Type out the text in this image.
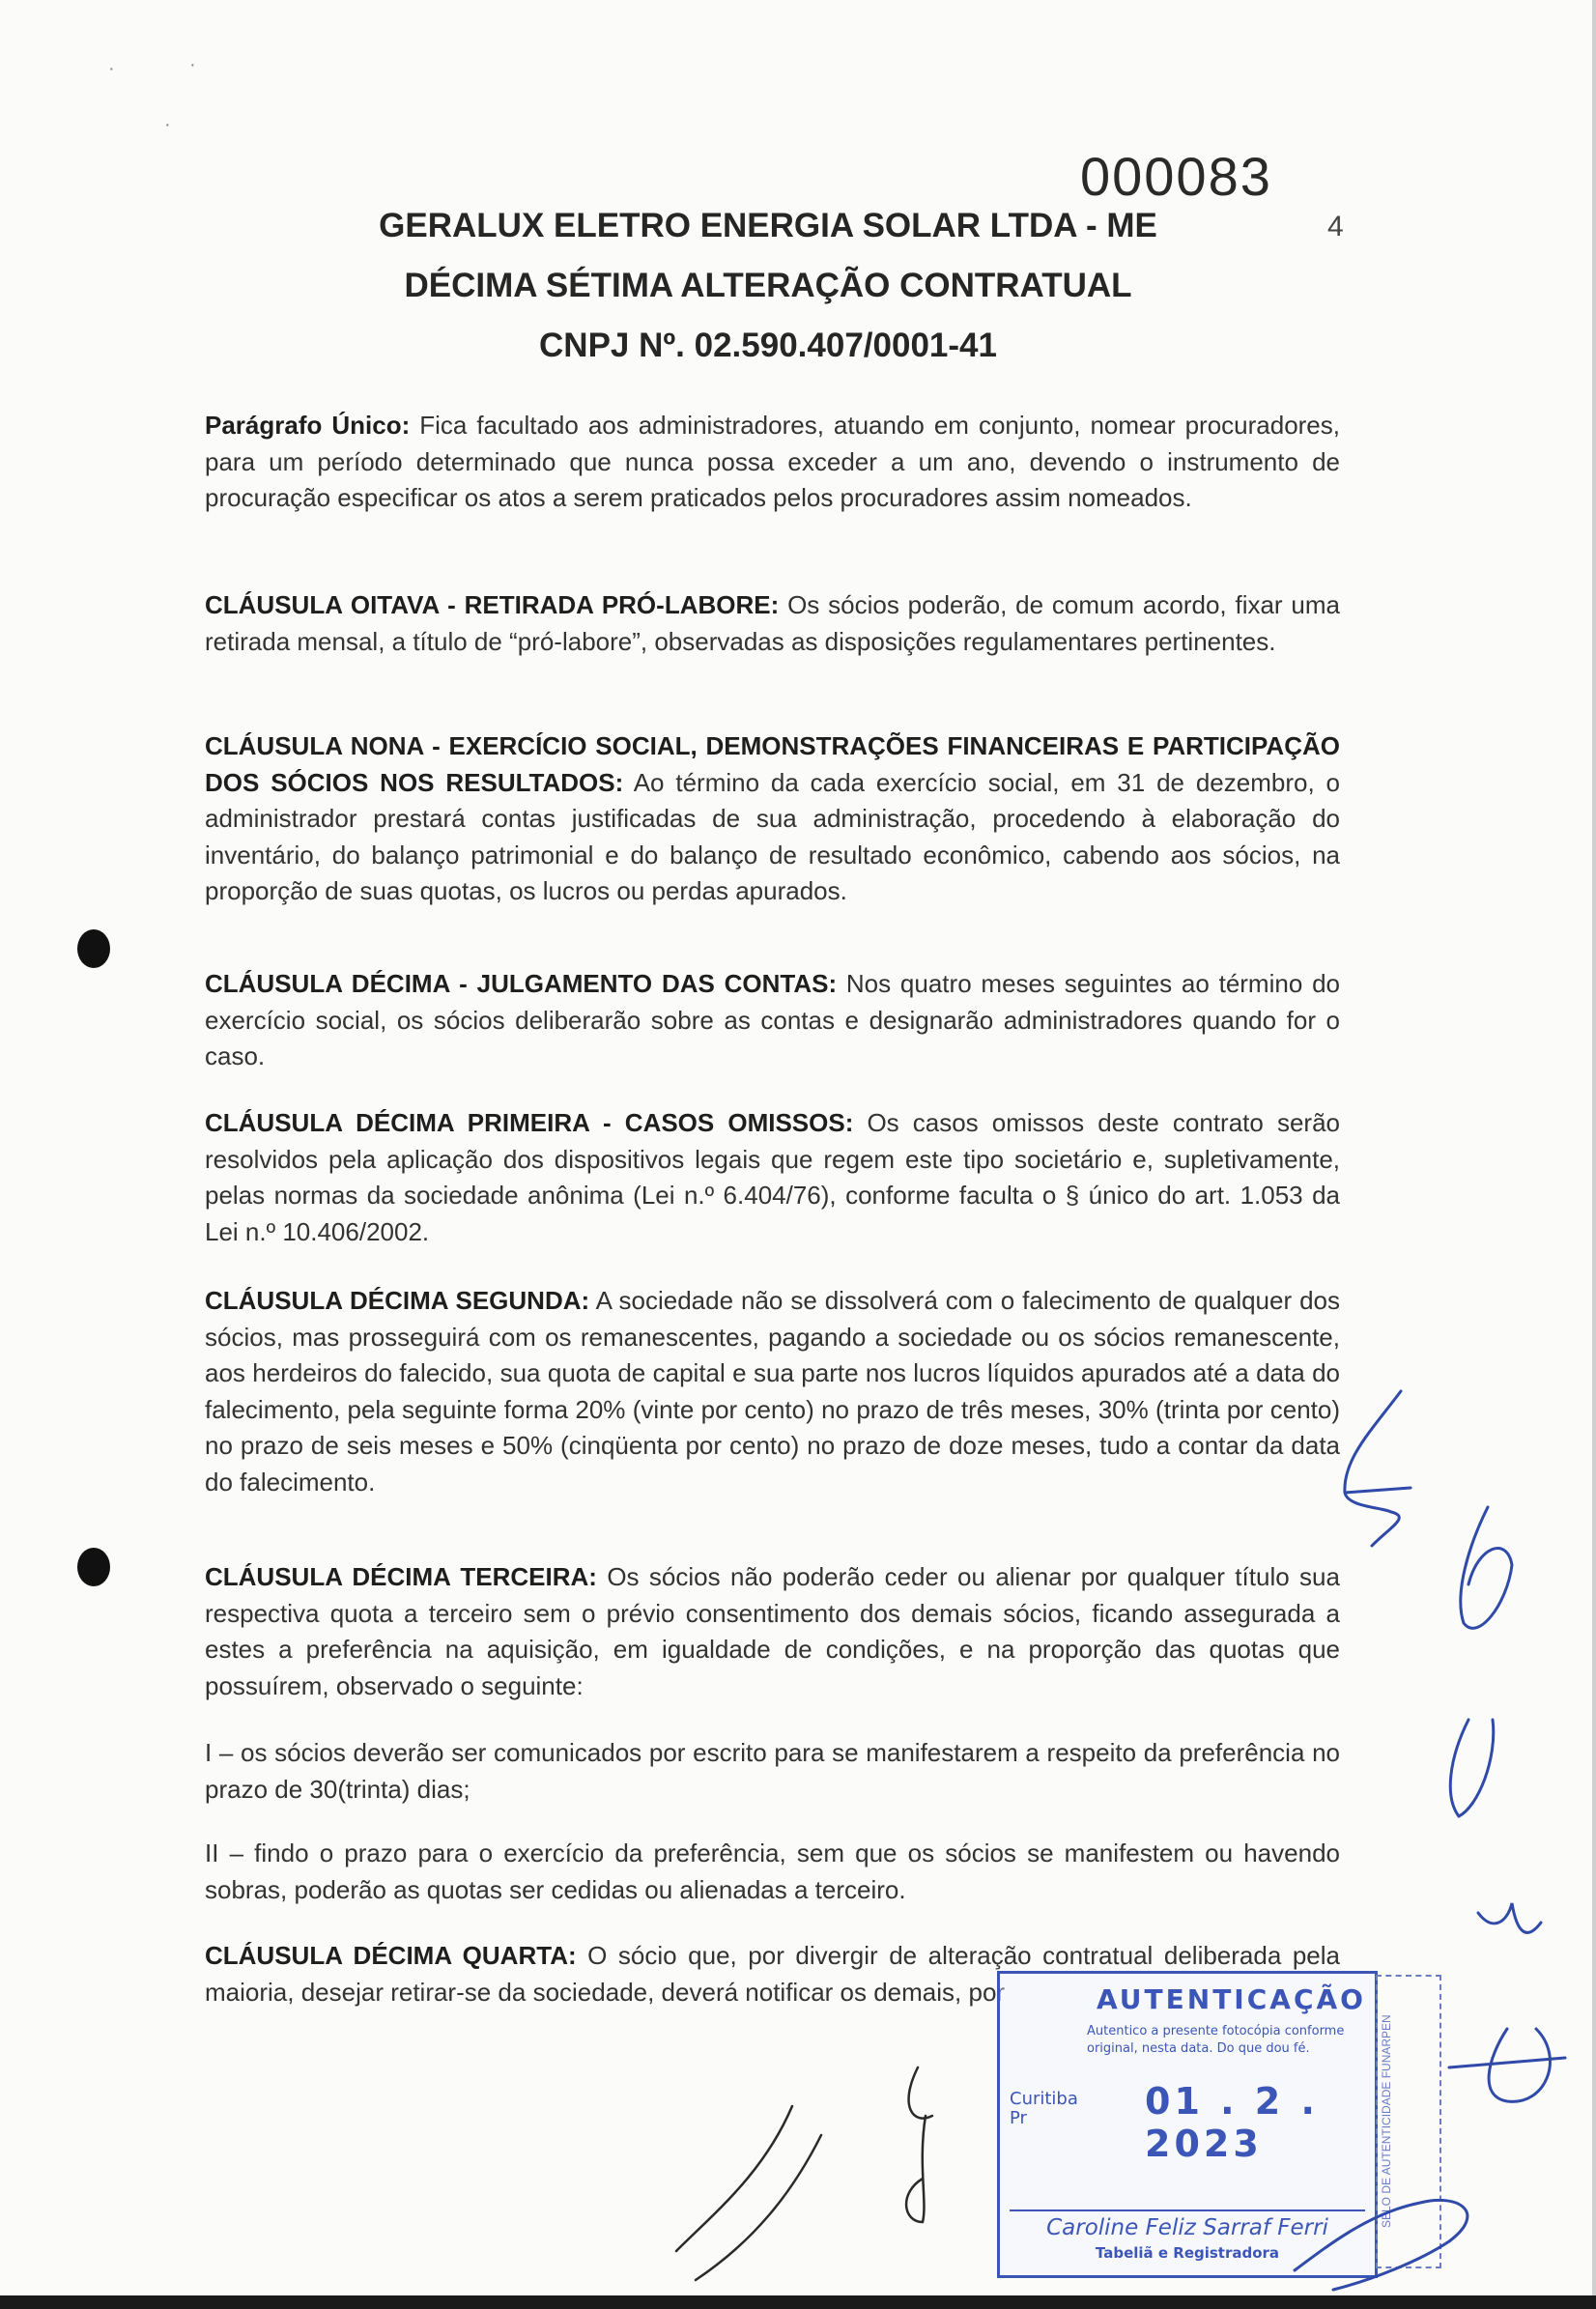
·	·
·
000083
4
GERALUX ELETRO ENERGIA SOLAR LTDA - ME
DÉCIMA SÉTIMA ALTERAÇÃO CONTRATUAL
CNPJ Nº. 02.590.407/0001-41
Parágrafo Único: Fica facultado aos administradores, atuando em conjunto, nomear procuradores, para um período determinado que nunca possa exceder a um ano, devendo o instrumento de procuração especificar os atos a serem praticados pelos procuradores assim nomeados.
CLÁUSULA OITAVA - RETIRADA PRÓ-LABORE: Os sócios poderão, de comum acordo, fixar uma retirada mensal, a título de “pró-labore”, observadas as disposições regulamentares pertinentes.
CLÁUSULA NONA - EXERCÍCIO SOCIAL, DEMONSTRAÇÕES FINANCEIRAS E PARTICIPAÇÃO DOS SÓCIOS NOS RESULTADOS: Ao término da cada exercício social, em 31 de dezembro, o administrador prestará contas justificadas de sua administração, procedendo à elaboração do inventário, do balanço patrimonial e do balanço de resultado econômico, cabendo aos sócios, na proporção de suas quotas, os lucros ou perdas apurados.
CLÁUSULA DÉCIMA - JULGAMENTO DAS CONTAS: Nos quatro meses seguintes ao término do exercício social, os sócios deliberarão sobre as contas e designarão administradores quando for o caso.
CLÁUSULA DÉCIMA PRIMEIRA - CASOS OMISSOS: Os casos omissos deste contrato serão resolvidos pela aplicação dos dispositivos legais que regem este tipo societário e, supletivamente, pelas normas da sociedade anônima (Lei n.º 6.404/76), conforme faculta o § único do art. 1.053 da Lei n.º 10.406/2002.
CLÁUSULA DÉCIMA SEGUNDA: A sociedade não se dissolverá com o falecimento de qualquer dos sócios, mas prosseguirá com os remanescentes, pagando a sociedade ou os sócios remanescente, aos herdeiros do falecido, sua quota de capital e sua parte nos lucros líquidos apurados até a data do falecimento, pela seguinte forma 20% (vinte por cento) no prazo de três meses, 30% (trinta por cento) no prazo de seis meses e 50% (cinqüenta por cento) no prazo de doze meses, tudo a contar da data do falecimento.
CLÁUSULA DÉCIMA TERCEIRA: Os sócios não poderão ceder ou alienar por qualquer título sua respectiva quota a terceiro sem o prévio consentimento dos demais sócios, ficando assegurada a estes a preferência na aquisição, em igualdade de condições, e na proporção das quotas que possuírem, observado o seguinte:
I – os sócios deverão ser comunicados por escrito para se manifestarem a respeito da preferência no prazo de 30(trinta) dias;
II – findo o prazo para o exercício da preferência, sem que os sócios se manifestem ou havendo sobras, poderão as quotas ser cedidas ou alienadas a terceiro.
CLÁUSULA DÉCIMA QUARTA: O sócio que, por divergir de alteração contratual deliberada pela maioria, desejar retirar-se da sociedade, deverá notificar os demais, por	AUTENTICAÇÃO
Autentico a presente fotocópia conforme
original, nesta data. Do que dou fé.
Curitiba
Pr	01 . 2 . 2023
Caroline Feliz Sarraf Ferri
Tabeliã e Registradora
SELO DE AUTENTICIDADE FUNARPEN
